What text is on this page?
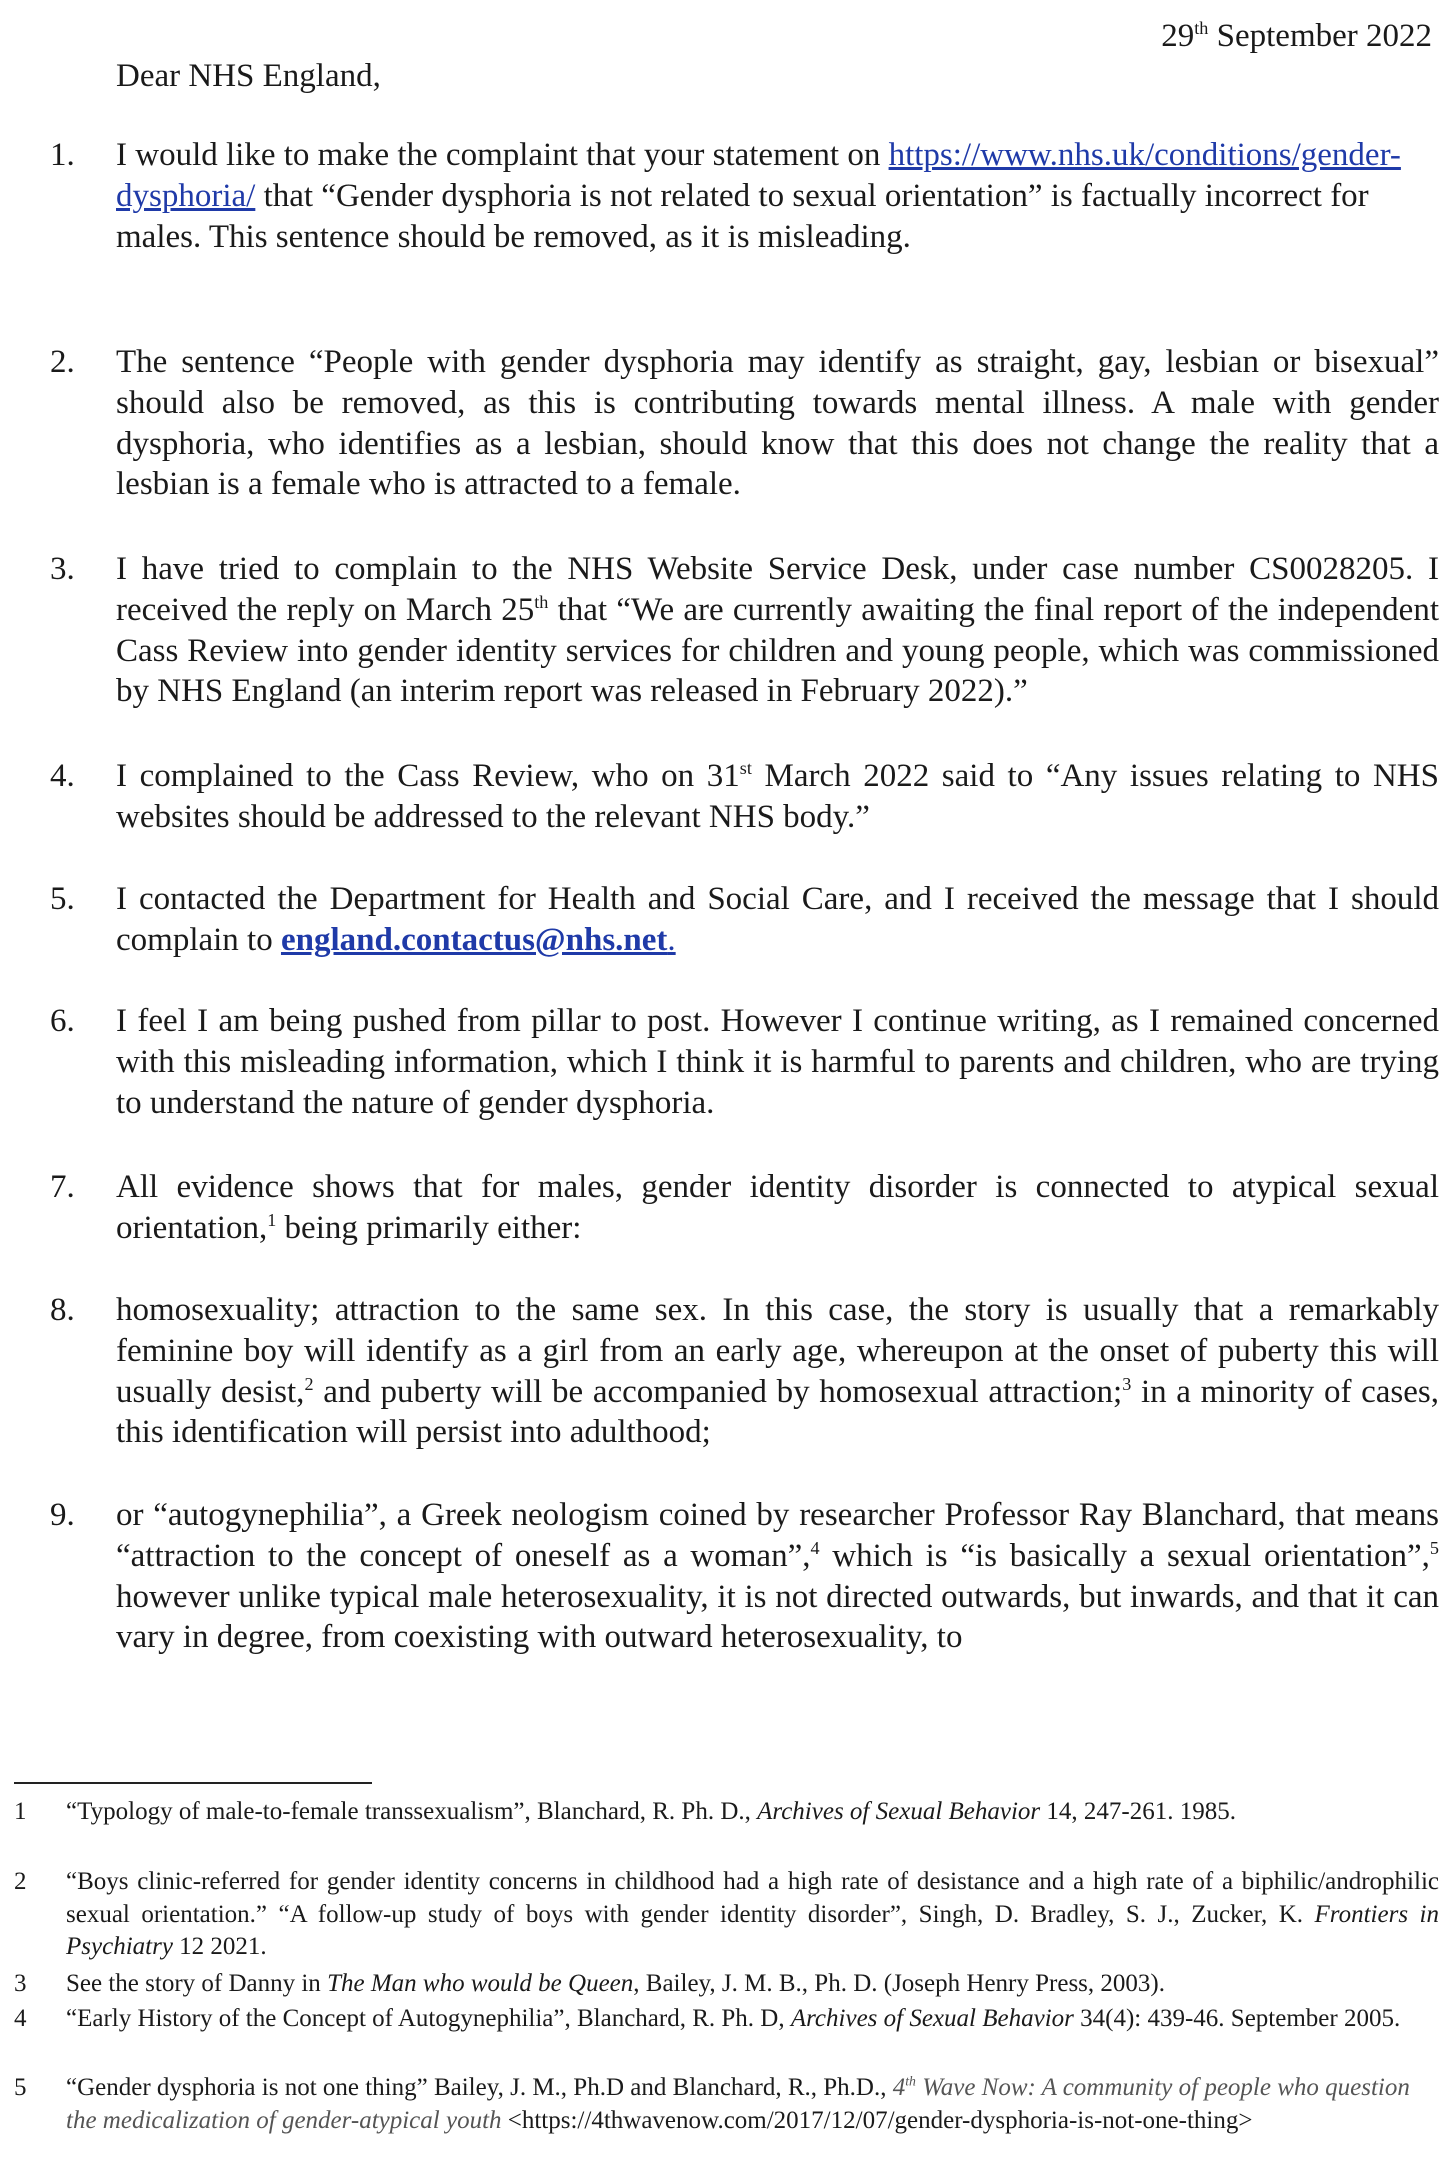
29th September 2022
Dear NHS England,
1.	I would like to make the complaint that your statement on https://www.nhs.uk/conditions/gender-dysphoria/ that “Gender dysphoria is not related to sexual orientation” is factually incorrect for males. This sentence should be removed, as it is misleading.
2.	The sentence “People with gender dysphoria may identify as straight, gay, lesbian or bisexual” should also be removed, as this is contributing towards mental illness. A male with gender dysphoria, who identifies as a lesbian, should know that this does not change the reality that a lesbian is a female who is attracted to a female.
3.	I have tried to complain to the NHS Website Service Desk, under case number CS0028205. I received the reply on March 25th that “We are currently awaiting the final report of the independent Cass Review into gender identity services for children and young people, which was commissioned by NHS England (an interim report was released in February 2022).”
4.	I complained to the Cass Review, who on 31st March 2022 said to “Any issues relating to NHS websites should be addressed to the relevant NHS body.”
5.	I contacted the Department for Health and Social Care, and I received the message that I should complain to england.contactus@nhs.net.
6.	I feel I am being pushed from pillar to post. However I continue writing, as I remained concerned with this misleading information, which I think it is harmful to parents and children, who are trying to understand the nature of gender dysphoria.
7.	All evidence shows that for males, gender identity disorder is connected to atypical sexual orientation,$^1$ being primarily either:
8.	homosexuality; attraction to the same sex. In this case, the story is usually that a remarkably feminine boy will identify as a girl from an early age, whereupon at the onset of puberty this will usually desist,$^2$ and puberty will be accompanied by homosexual attraction;$^3$ in a minority of cases, this identification will persist into adulthood;
9.	or “autogynephilia”, a Greek neologism coined by researcher Professor Ray Blanchard, that means “attraction to the concept of oneself as a woman”,$^4$ which is “is basically a sexual orientation”,$^5$ however unlike typical male heterosexuality, it is not directed outwards, but inwards, and that it can vary in degree, from coexisting with outward heterosexuality, to
1	“Typology of male-to-female transsexualism”, Blanchard, R. Ph. D., Archives of Sexual Behavior 14, 247-261. 1985.
2	“Boys clinic-referred for gender identity concerns in childhood had a high rate of desistance and a high rate of a biphilic/androphilic sexual orientation.” “A follow-up study of boys with gender identity disorder”, Singh, D. Bradley, S. J., Zucker, K. Frontiers in Psychiatry 12 2021.
3	See the story of Danny in The Man who would be Queen, Bailey, J. M. B., Ph. D. (Joseph Henry Press, 2003).
4	“Early History of the Concept of Autogynephilia”, Blanchard, R. Ph. D, Archives of Sexual Behavior 34(4): 439-46. September 2005.
5	“Gender dysphoria is not one thing” Bailey, J. M., Ph.D and Blanchard, R., Ph.D., 4th Wave Now: A community of people who question the medicalization of gender-atypical youth <https://4thwavenow.com/2017/12/07/gender-dysphoria-is-not-one-thing>
